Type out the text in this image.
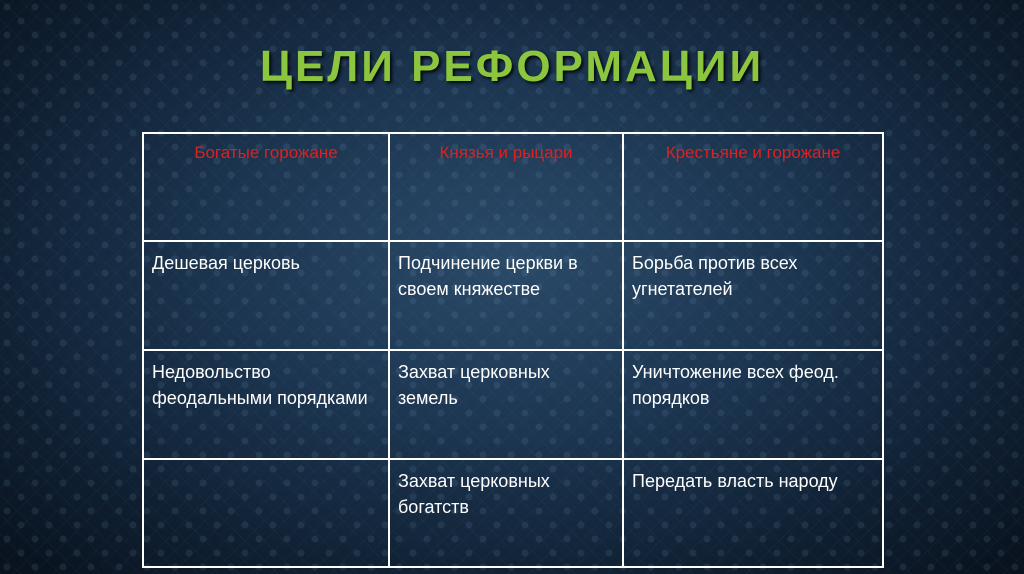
ЦЕЛИ РЕФОРМАЦИИ
Богатые горожане	Князья и рыцари	Крестьяне и горожане
Дешевая церковь	Подчинение церкви в своем княжестве	Борьба против всех угнетателей
Недовольство феодальными порядками	Захват церковных земель	Уничтожение всех феод. порядков
	Захват церковных богатств	Передать власть народу
